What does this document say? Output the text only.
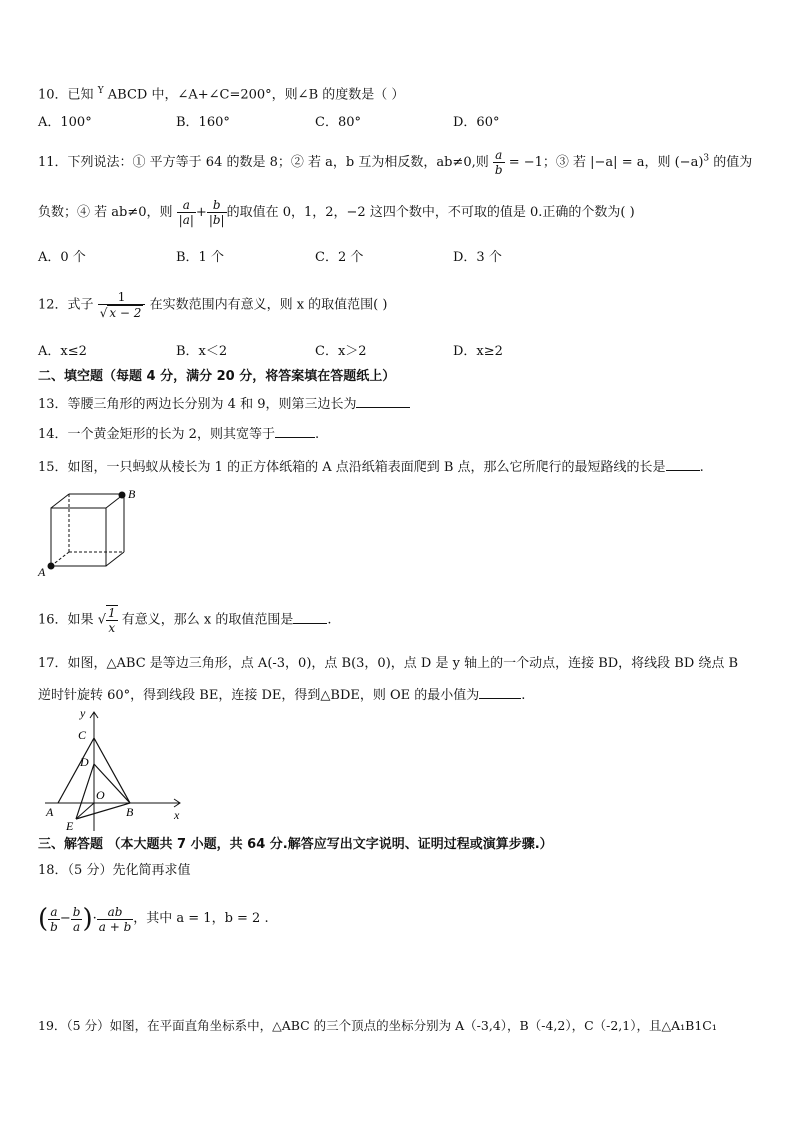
10．已知 $^Y$ ABCD 中，∠A+∠C=200°，则∠B 的度数是（ ）
A．100°	B．160°	C．80°	D．60°
11．下列说法：① 平方等于 64 的数是 8；② 若 a，b 互为相反数，ab≠0,则 $\frac{a}{b} = -1$；③ 若 |−a| = a，则 $(-a)^3$ 的值为
负数；④ 若 ab≠0，则 $\frac{a}{|a|} + \frac{b}{|b|}$ 的取值在 0，1，2，−2 这四个数中，不可取的值是 0.正确的个数为( )
A．0 个	B．1 个	C．2 个	D．3 个
12．式子 $\frac{1}{√ x - 2}$ 在实数范围内有意义，则 x 的取值范围( )
A．x≤2	B．x＜2	C．x＞2	D．x≥2
二、填空题（每题 4 分，满分 20 分，将答案填在答题纸上）
13．等腰三角形的两边长分别为 4 和 9，则第三边长为
14．一个黄金矩形的长为 2，则其宽等于	.
15．如图，一只蚂蚁从棱长为 1 的正方体纸箱的 A 点沿纸箱表面爬到 B 点，那么它所爬行的最短路线的长是	.
A
B
16．如果 √ $\frac{1}{x}$ 有意义，那么 x 的取值范围是	.
17．如图，△ABC 是等边三角形，点 A(-3，0)，点 B(3，0)，点 D 是 y 轴上的一个动点，连接 BD，将线段 BD 绕点 B
逆时针旋转 60°，得到线段 BE，连接 DE，得到△BDE，则 OE 的最小值为	.
y
x
C
D
O
A	B
E
三、解答题 （本大题共 7 小题，共 64 分.解答应写出文字说明、证明过程或演算步骤.）
18．（5 分）先化简再求值
( $\frac{a}{b} - \frac{b}{a}$ )· $\frac{ab}{a + b}$ ，其中 a = 1，b = 2 .
19．（5 分）如图，在平面直角坐标系中，△ABC 的三个顶点的坐标分别为 A（-3,4），B（-4,2），C（-2,1），且△A₁B1C₁
